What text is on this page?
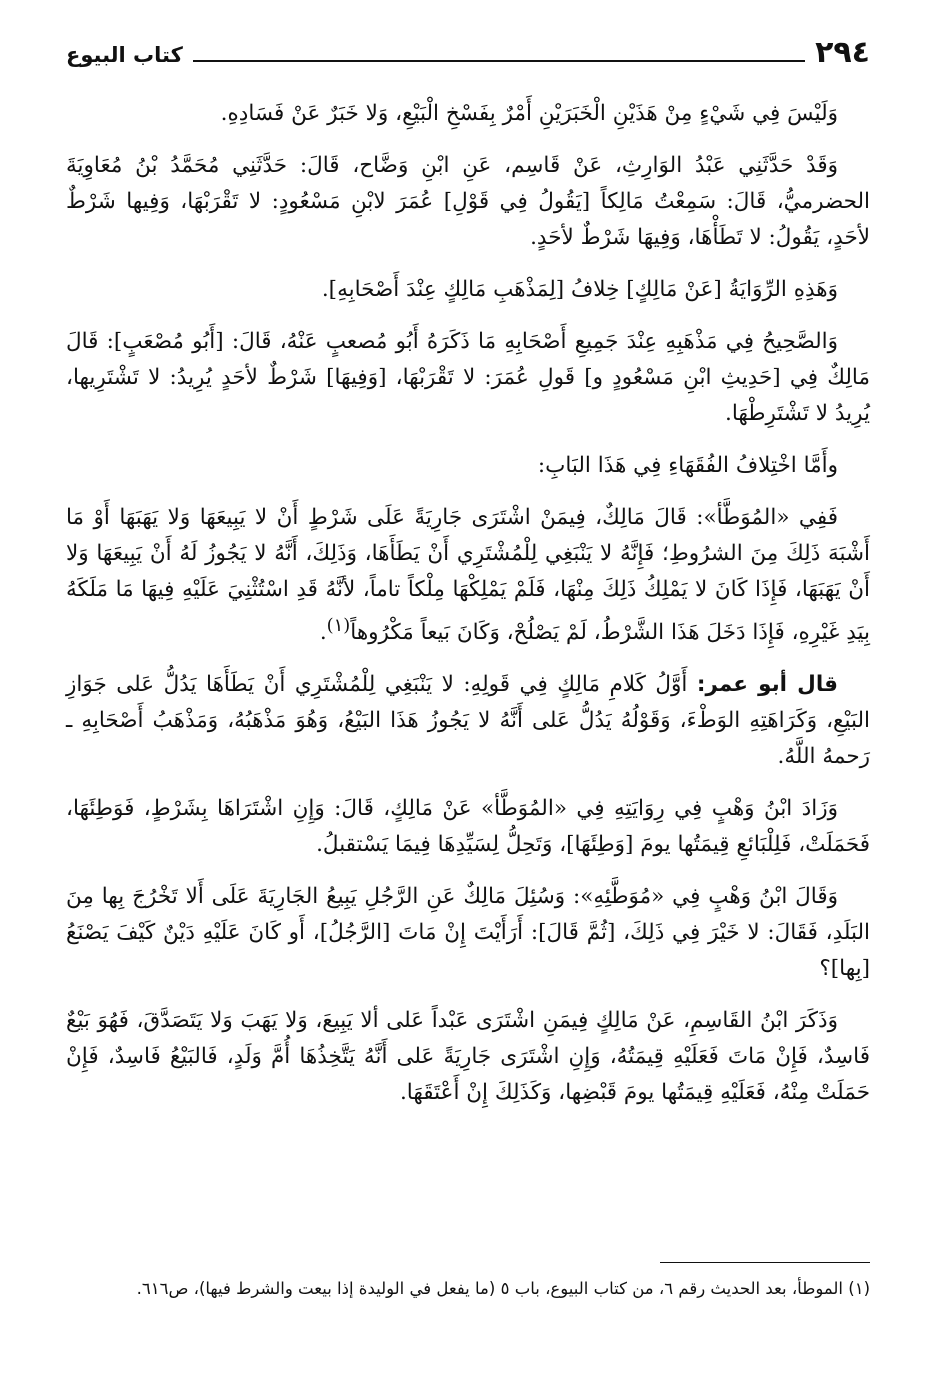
٢٩٤
كتاب البيوع

وَلَيْسَ فِي شَيْءٍ مِنْ هَذَيْنِ الْخَبَرَيْنِ أَمْرٌ بِفَسْخِ الْبَيْعِ، وَلا خَبَرٌ عَنْ فَسَادِهِ.

وَقَدْ حَدَّثَنِي عَبْدُ الوَارِثِ، عَنْ قَاسِم، عَنِ ابْنِ وَضَّاح، قَالَ: حَدَّثَنِي مُحَمَّدُ بْنُ مُعَاوِيَةَ الحضرميُّ، قَالَ: سَمِعْتُ مَالِكاً [يَقُولُ فِي قَوْلِ] عُمَرَ لابْنِ مَسْعُودٍ: لا تَقْرَبْهَا، وَفِيها شَرْطٌ لأحَدٍ، يَقُولُ: لا تَطَأْهَا، وَفِيهَا شَرْطٌ لأحَدٍ.

وَهَذِهِ الرِّوَايَةُ [عَنْ مَالِكٍ] خِلافُ [لِمَذْهَبِ مَالِكٍ عِنْدَ أَصْحَابِهِ].

وَالصَّحِيحُ فِي مَذْهَبِهِ عِنْدَ جَمِيعِ أَصْحَابِهِ مَا ذَكَرَهُ أَبُو مُصعبٍ عَنْهُ، قَالَ: [أَبُو مُصْعَبٍ]: قَالَ مَالِكٌ فِي [حَدِيثِ ابْنِ مَسْعُودٍ و] قَولِ عُمَرَ: لا تَقْرَبْهَا، [وَفِيهَا] شَرْطٌ لأحَدٍ يُرِيدُ: لا تَشْتَرِيها، يُرِيدُ لا تَشْتَرِطْهَا.

وأَمَّا اخْتِلافُ الفُقَهَاءِ فِي هَذَا البَابِ:

فَفِي «المُوَطَّأ»: قَالَ مَالِكٌ، فِيمَنْ اشْتَرَى جَارِيَةً عَلَى شَرْطٍ أَنْ لا يَبِيعَهَا وَلا يَهَبَهَا أَوْ مَا أَشْبَهَ ذَلِكَ مِنَ الشرُوطِ؛ فَإِنَّهُ لا يَنْبَغِي لِلْمُشْتَرِي أَنْ يَطَأَهَا، وَذَلِكَ، أَنَّهُ لا يَجُوزُ لَهُ أَنْ يَبِيعَهَا وَلا أَنْ يَهَبَهَا، فَإِذَا كَانَ لا يَمْلِكُ ذَلِكَ مِنْهَا، فَلَمْ يَمْلِكْهَا مِلْكاً تاماً، لأنَّهُ قَدِ اسْتُثْنِيَ عَلَيْهِ فِيهَا مَا مَلَكَهُ بِيَدِ غَيْرِهِ، فَإِذَا دَخَلَ هَذَا الشَّرْطُ، لَمْ يَصْلُحْ، وَكَانَ بَيعاً مَكْرُوهاً$^{(١)}$.

قال أبو عمر: أَوَّلُ كَلامِ مَالِكٍ فِي قَولِهِ: لا يَنْبَغِي لِلْمُشْتَرِي أَنْ يَطَأَهَا يَدُلُّ عَلى جَوَازِ البَيْعِ، وَكَرَاهَتِهِ الوَطْءَ، وَقَوْلُهُ يَدُلُّ عَلى أَنَّهُ لا يَجُوزُ هَذَا البَيْعُ، وَهُوَ مَذْهَبُهُ، وَمَذْهَبُ أَصْحَابِهِ ـ رَحمهُ اللَّهُ.

وَزَادَ ابْنُ وَهْبٍ فِي رِوَايَتِهِ فِي «المُوَطَّأ» عَنْ مَالِكٍ، قَالَ: وَإِنِ اشْتَرَاهَا بِشَرْطٍ، فَوَطِئَهَا، فَحَمَلَتْ، فَلِلْبَائعِ قِيمَتُها يومَ [وَطِئَهَا]، وَتَحِلُّ لِسَيِّدِهَا فِيمَا يَسْتقبلُ.

وَقَالَ ابْنُ وَهْبٍ فِي «مُوَطَّئِهِ»: وَسُئِلَ مَالِكٌ عَنِ الرَّجُلِ يَبِيعُ الجَارِيَةَ عَلَى أَلا تَخْرُجَ بِها مِنَ البَلَدِ، فَقَالَ: لا خَيْرَ فِي ذَلِكَ، [ثُمَّ قَالَ]: أَرَأَيْتَ إِنْ مَاتَ [الرَّجُلُ]، أَو كَانَ عَلَيْهِ دَيْنٌ كَيْفَ يَصْنَعُ [بِها]؟

وَذَكَرَ ابْنُ القَاسِمِ، عَنْ مَالِكٍ فِيمَنِ اشْتَرَى عَبْداً عَلى ألا يَبِيعَ، وَلا يَهَبَ وَلا يَتَصَدَّقَ، فَهُوَ بَيْعٌ فَاسِدٌ، فَإِنْ مَاتَ فَعَلَيْهِ قِيمَتُهُ، وَإِنِ اشْتَرَى جَارِيَةً عَلى أَنَّهُ يَتَّخِذُهَا أُمَّ وَلَدٍ، فَالبَيْعُ فَاسِدٌ، فَإِنْ حَمَلَتْ مِنْهُ، فَعَلَيْهِ قِيمَتُها يومَ قَبْضِها، وَكَذَلِكَ إِنْ أَعْتَقَهَا.

(١) الموطأ، بعد الحديث رقم ٦، من كتاب البيوع، باب ٥ (ما يفعل في الوليدة إذا بيعت والشرط فيها)، ص٦١٦.
